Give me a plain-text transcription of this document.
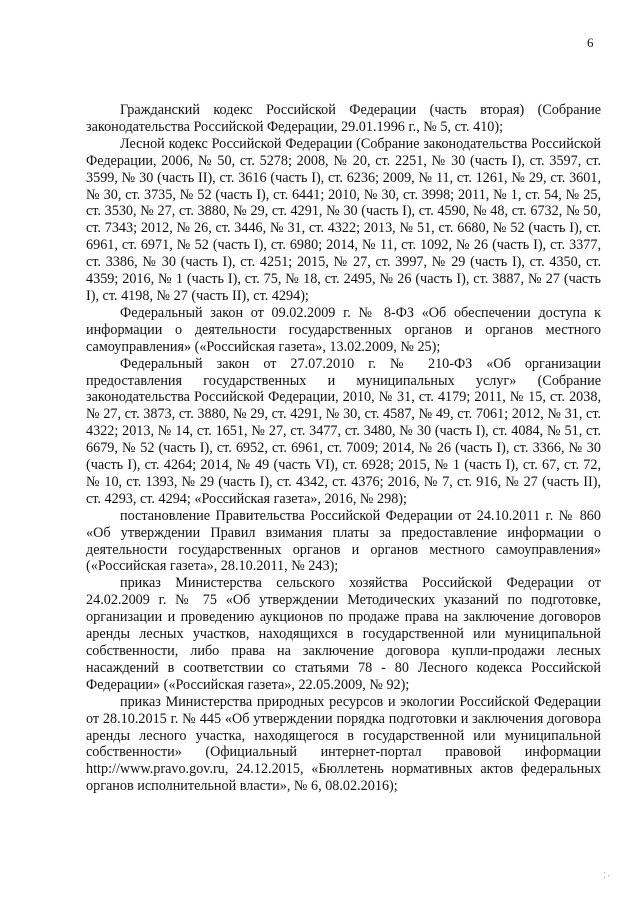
6

Гражданский кодекс Российской Федерации (часть вторая) (Собрание законодательства Российской Федерации, 29.01.1996 г., № 5, ст. 410);

Лесной кодекс Российской Федерации (Собрание законодательства Российской Федерации, 2006, № 50, ст. 5278; 2008, № 20, ст. 2251, № 30 (часть I), ст. 3597, ст. 3599, № 30 (часть II), ст. 3616 (часть I), ст. 6236; 2009, № 11, ст. 1261, № 29, ст. 3601, № 30, ст. 3735, № 52 (часть I), ст. 6441; 2010, № 30, ст. 3998; 2011, № 1, ст. 54, № 25, ст. 3530, № 27, ст. 3880, № 29, ст. 4291, № 30 (часть I), ст. 4590, № 48, ст. 6732, № 50, ст. 7343; 2012, № 26, ст. 3446, № 31, ст. 4322; 2013, № 51, ст. 6680, № 52 (часть I), ст. 6961, ст. 6971, № 52 (часть I), ст. 6980; 2014, № 11, ст. 1092, № 26 (часть I), ст. 3377, ст. 3386, № 30 (часть I), ст. 4251; 2015, № 27, ст. 3997, № 29 (часть I), ст. 4350, ст. 4359; 2016, № 1 (часть I), ст. 75, № 18, ст. 2495, № 26 (часть I), ст. 3887, № 27 (часть I), ст. 4198, № 27 (часть II), ст. 4294);

Федеральный закон от 09.02.2009 г. № 8-ФЗ «Об обеспечении доступа к информации о деятельности государственных органов и органов местного самоуправления» («Российская газета», 13.02.2009, № 25);

Федеральный закон от 27.07.2010 г. № 210-ФЗ «Об организации предоставления государственных и муниципальных услуг» (Собрание законодательства Российской Федерации, 2010, № 31, ст. 4179; 2011, № 15, ст. 2038, № 27, ст. 3873, ст. 3880, № 29, ст. 4291, № 30, ст. 4587, № 49, ст. 7061; 2012, № 31, ст. 4322; 2013, № 14, ст. 1651, № 27, ст. 3477, ст. 3480, № 30 (часть I), ст. 4084, № 51, ст. 6679, № 52 (часть I), ст. 6952, ст. 6961, ст. 7009; 2014, № 26 (часть I), ст. 3366, № 30 (часть I), ст. 4264; 2014, № 49 (часть VI), ст. 6928; 2015, № 1 (часть I), ст. 67, ст. 72, № 10, ст. 1393, № 29 (часть I), ст. 4342, ст. 4376; 2016, № 7, ст. 916, № 27 (часть II), ст. 4293, ст. 4294; «Российская газета», 2016, № 298);

постановление Правительства Российской Федерации от 24.10.2011 г. № 860 «Об утверждении Правил взимания платы за предоставление информации о деятельности государственных органов и органов местного самоуправления» («Российская газета», 28.10.2011, № 243);

приказ Министерства сельского хозяйства Российской Федерации от 24.02.2009 г. № 75 «Об утверждении Методических указаний по подготовке, организации и проведению аукционов по продаже права на заключение договоров аренды лесных участков, находящихся в государственной или муниципальной собственности, либо права на заключение договора купли-продажи лесных насаждений в соответствии со статьями 78 - 80 Лесного кодекса Российской Федерации» («Российская газета», 22.05.2009, № 92);

приказ Министерства природных ресурсов и экологии Российской Федерации от 28.10.2015 г. № 445 «Об утверждении порядка подготовки и заключения договора аренды лесного участка, находящегося в государственной или муниципальной собственности» (Официальный интернет-портал правовой информации http://www.pravo.gov.ru, 24.12.2015, «Бюллетень нормативных актов федеральных органов исполнительной власти», № 6, 08.02.2016);

∴
